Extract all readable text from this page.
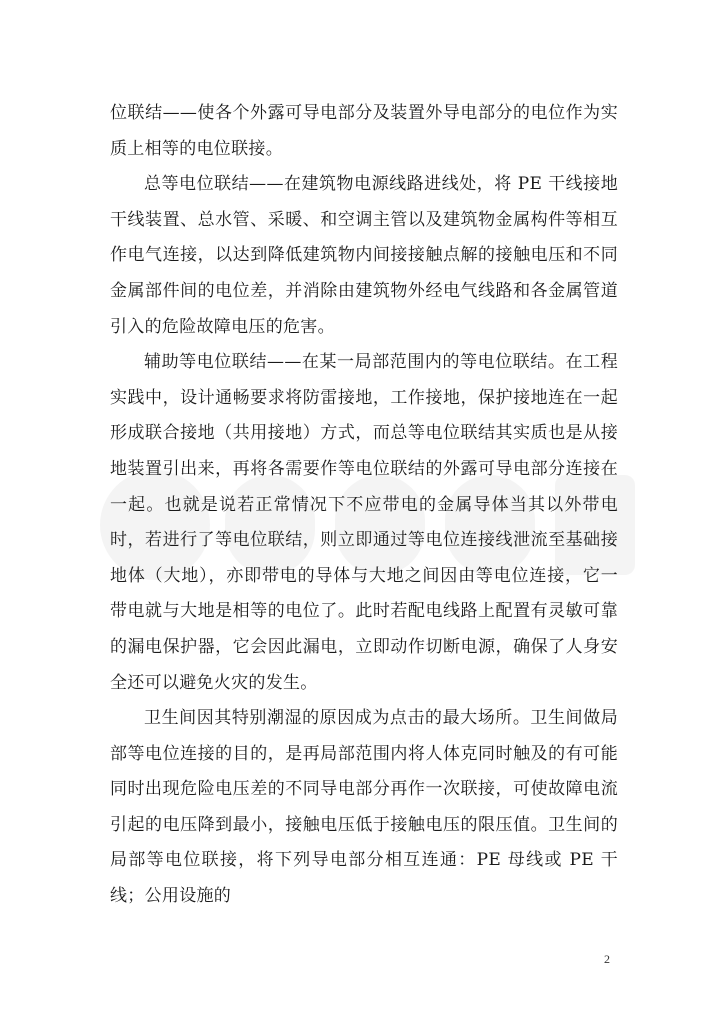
位联结——使各个外露可导电部分及装置外导电部分的电位作为实质上相等的电位联接。

总等电位联结——在建筑物电源线路进线处，将 PE 干线接地干线装置、总水管、采暖、和空调主管以及建筑物金属构件等相互作电气连接，以达到降低建筑物内间接接触点解的接触电压和不同金属部件间的电位差，并消除由建筑物外经电气线路和各金属管道引入的危险故障电压的危害。

辅助等电位联结——在某一局部范围内的等电位联结。在工程实践中，设计通畅要求将防雷接地，工作接地，保护接地连在一起形成联合接地（共用接地）方式，而总等电位联结其实质也是从接地装置引出来，再将各需要作等电位联结的外露可导电部分连接在一起。也就是说若正常情况下不应带电的金属导体当其以外带电时，若进行了等电位联结，则立即通过等电位连接线泄流至基础接地体（大地），亦即带电的导体与大地之间因由等电位连接，它一带电就与大地是相等的电位了。此时若配电线路上配置有灵敏可靠的漏电保护器，它会因此漏电，立即动作切断电源，确保了人身安全还可以避免火灾的发生。

卫生间因其特别潮湿的原因成为点击的最大场所。卫生间做局部等电位连接的目的，是再局部范围内将人体克同时触及的有可能同时出现危险电压差的不同导电部分再作一次联接，可使故障电流引起的电压降到最小，接触电压低于接触电压的限压值。卫生间的局部等电位联接，将下列导电部分相互连通：PE 母线或 PE 干线；公用设施的

2
